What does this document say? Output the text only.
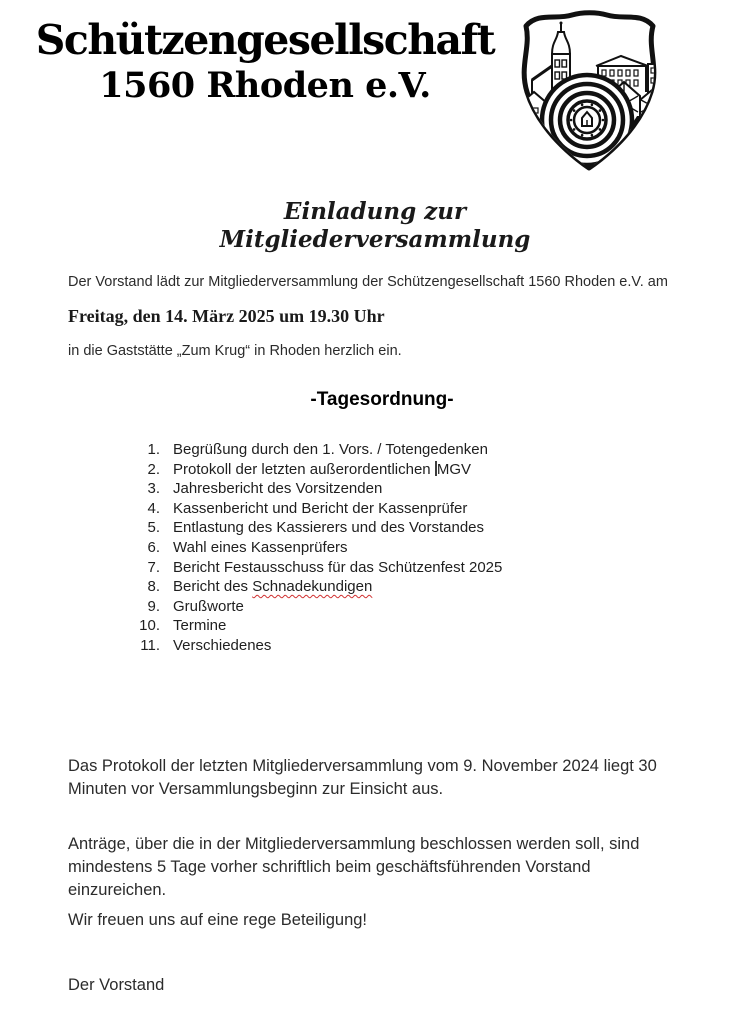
Schützengesellschaft
1560 Rhoden e.V.
Einladung zur
Mitgliederversammlung

Der Vorstand lädt zur Mitgliederversammlung der Schützengesellschaft 1560 Rhoden e.V. am

Freitag, den 14. März 2025 um 19.30 Uhr

in die Gaststätte „Zum Krug“ in Rhoden herzlich ein.

-Tagesordnung-
1. Begrüßung durch den 1. Vors. / Totengedenken
2. Protokoll der letzten außerordentlichen MGV
3. Jahresbericht des Vorsitzenden
4. Kassenbericht und Bericht der Kassenprüfer
5. Entlastung des Kassierers und des Vorstandes
6. Wahl eines Kassenprüfers
7. Bericht Festausschuss für das Schützenfest 2025
8. Bericht des Schnadekundigen
9. Grußworte
10. Termine
11. Verschiedenes

Das Protokoll der letzten Mitgliederversammlung vom 9. November 2024 liegt 30 Minuten vor Versammlungsbeginn zur Einsicht aus.

Anträge, über die in der Mitgliederversammlung beschlossen werden soll, sind mindestens 5 Tage vorher schriftlich beim geschäftsführenden Vorstand einzureichen.

Wir freuen uns auf eine rege Beteiligung!

Der Vorstand
